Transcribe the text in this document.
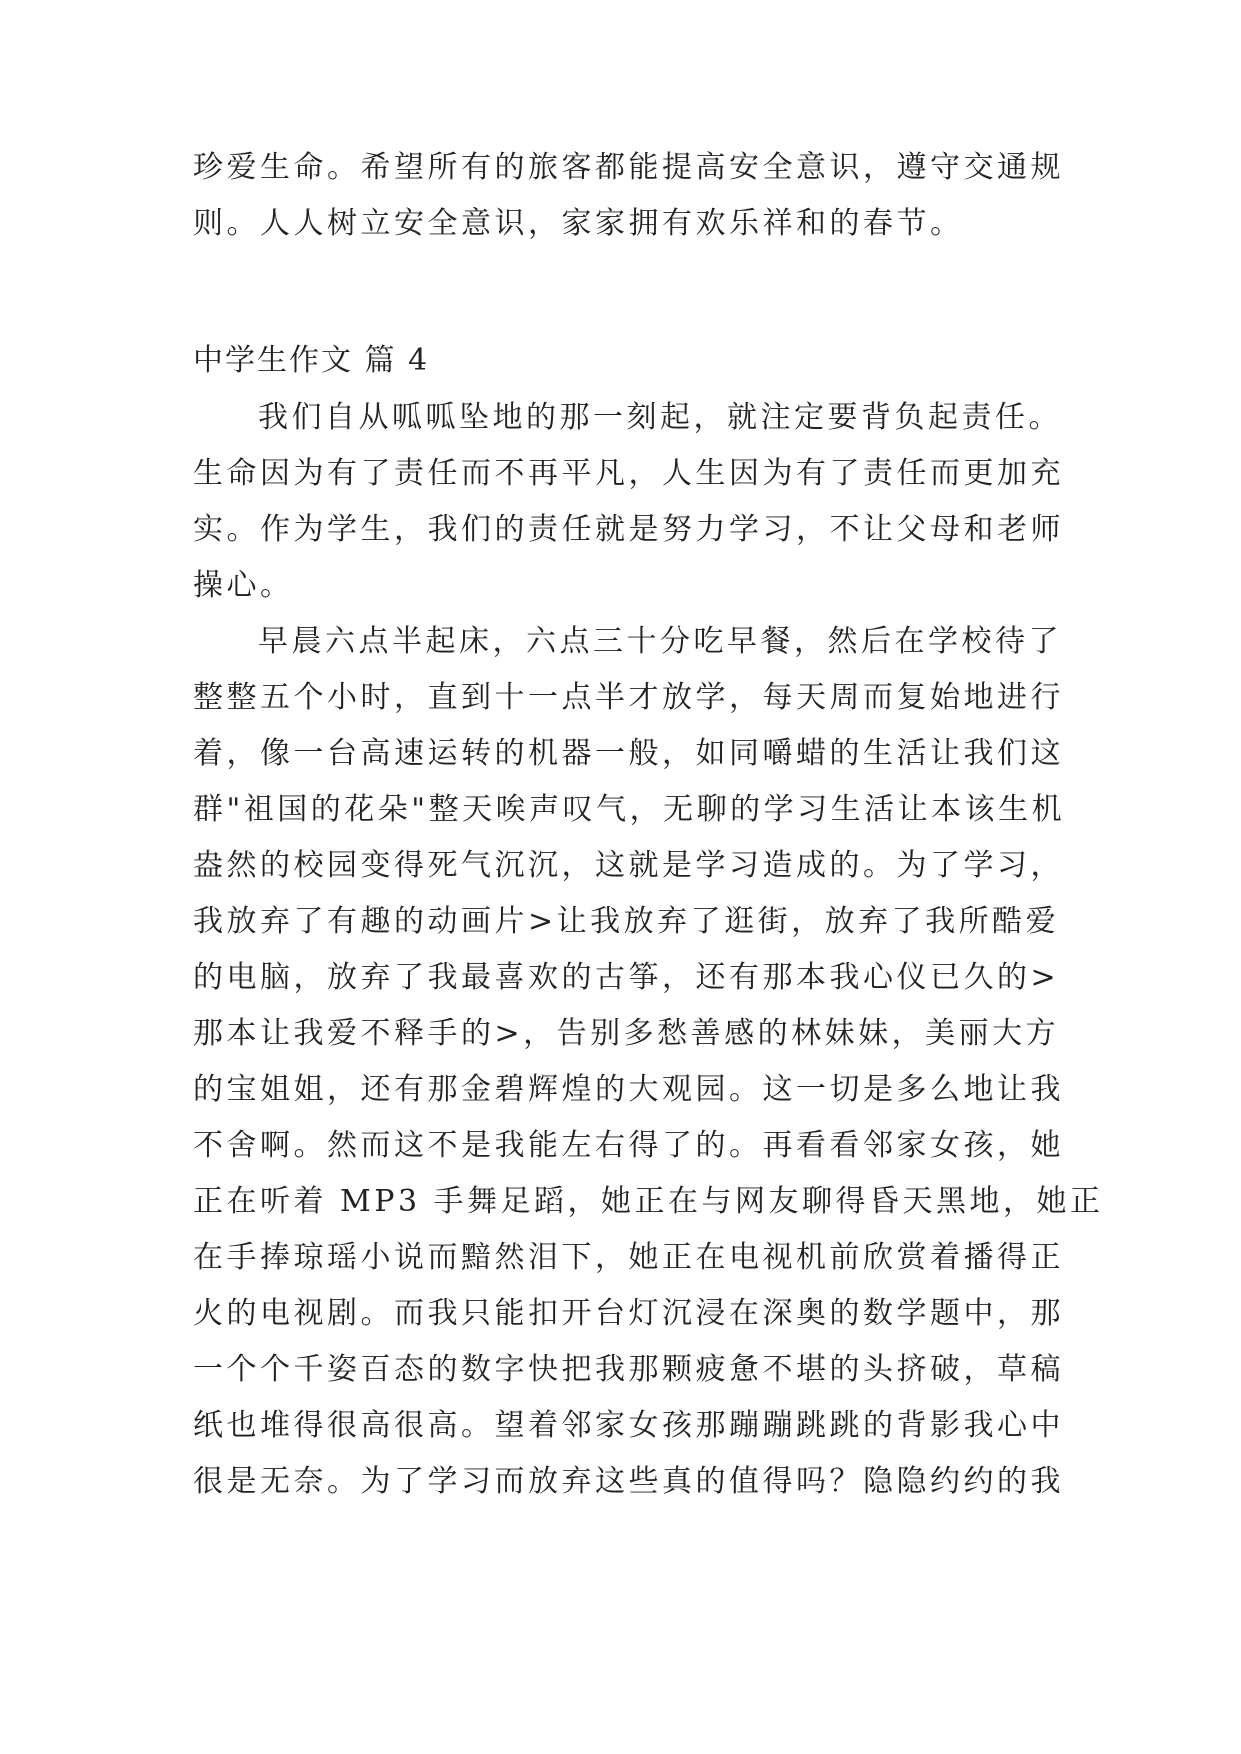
珍爱生命。希望所有的旅客都能提高安全意识，遵守交通规
则。人人树立安全意识，家家拥有欢乐祥和的春节。
中学生作文 篇 4
我们自从呱呱坠地的那一刻起，就注定要背负起责任。
生命因为有了责任而不再平凡，人生因为有了责任而更加充
实。作为学生，我们的责任就是努力学习，不让父母和老师
操心。
早晨六点半起床，六点三十分吃早餐，然后在学校待了
整整五个小时，直到十一点半才放学，每天周而复始地进行
着，像一台高速运转的机器一般，如同嚼蜡的生活让我们这
群"祖国的花朵"整天唉声叹气，无聊的学习生活让本该生机
盎然的校园变得死气沉沉，这就是学习造成的。为了学习，
我放弃了有趣的动画片>让我放弃了逛街，放弃了我所酷爱
的电脑，放弃了我最喜欢的古筝，还有那本我心仪已久的>
那本让我爱不释手的>，告别多愁善感的林妹妹，美丽大方
的宝姐姐，还有那金碧辉煌的大观园。这一切是多么地让我
不舍啊。然而这不是我能左右得了的。再看看邻家女孩，她
正在听着 MP3 手舞足蹈，她正在与网友聊得昏天黑地，她正
在手捧琼瑶小说而黯然泪下，她正在电视机前欣赏着播得正
火的电视剧。而我只能扣开台灯沉浸在深奥的数学题中，那
一个个千姿百态的数字快把我那颗疲惫不堪的头挤破，草稿
纸也堆得很高很高。望着邻家女孩那蹦蹦跳跳的背影我心中
很是无奈。为了学习而放弃这些真的值得吗？隐隐约约的我
